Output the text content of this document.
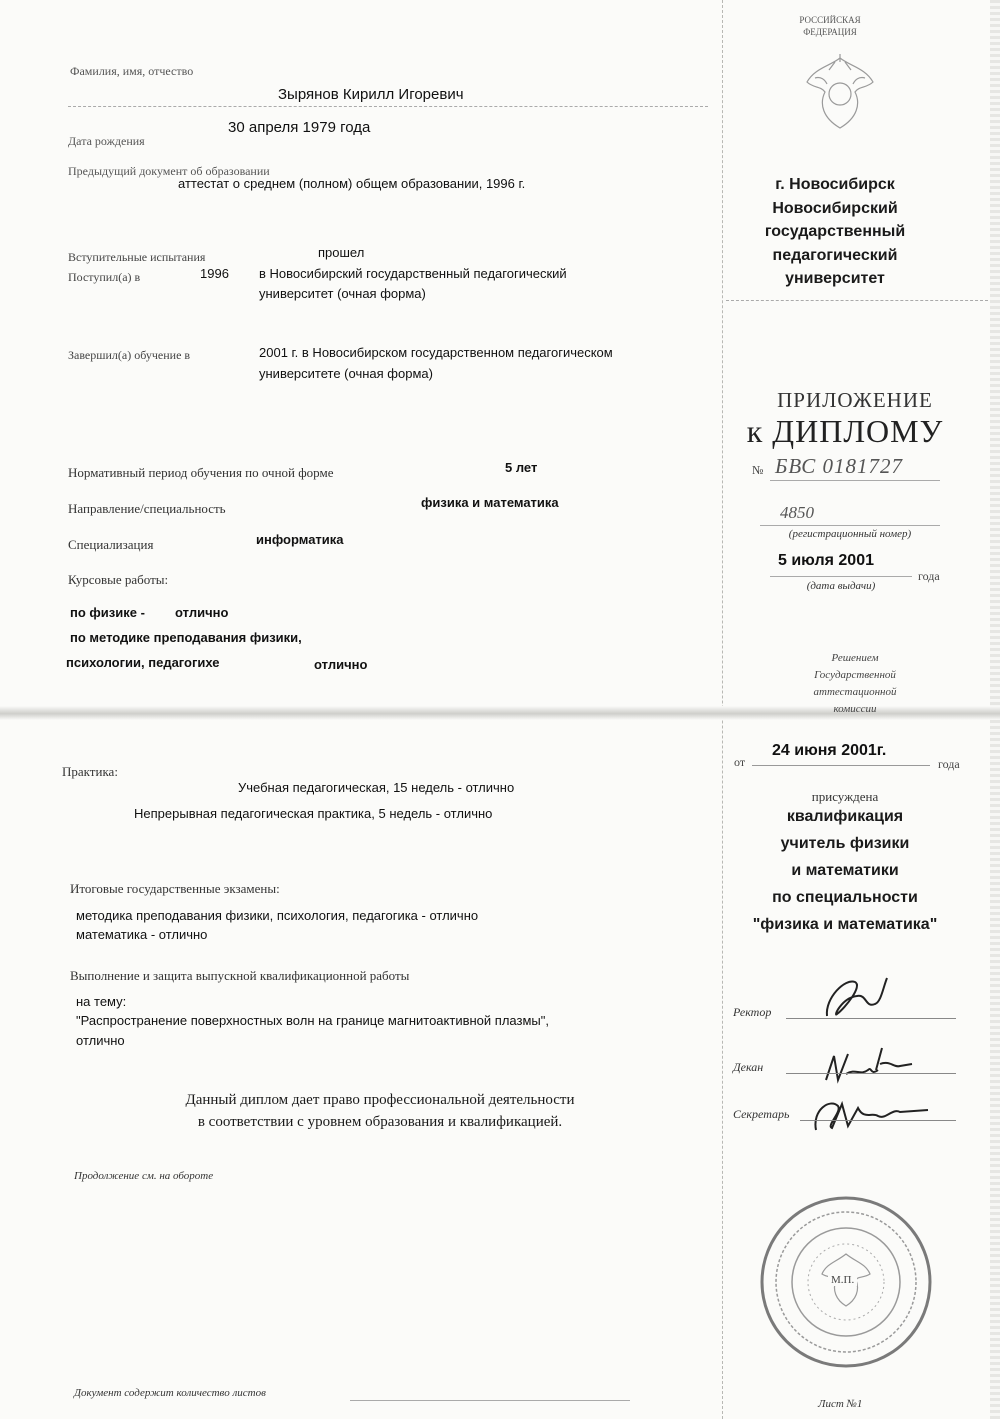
РОССИЙСКАЯ
ФЕДЕРАЦИЯ
Фамилия, имя, отчество
Зырянов Кирилл Игоревич
Дата рождения
30 апреля 1979 года
Предыдущий документ об образовании
аттестат о среднем (полном) общем образовании, 1996 г.
Вступительные испытания	прошел
Поступил(а) в	1996 в Новосибирский государственный педагогический
университет (очная форма)
Завершил(а) обучение в	2001 г. в Новосибирском государственном педагогическом
университете (очная форма)
Нормативный период обучения по очной форме	5 лет
Направление/специальность	физика и математика
Специализация	информатика
Курсовые работы:
по физике - отлично
по методике преподавания физики,
психологии, педагогихе	отлично
г. Новосибирск
Новосибирский
государственный
педагогический
университет
ПРИЛОЖЕНИЕ
к ДИПЛОМУ
№ БВС 0181727
4850
(регистрационный номер)
5 июля 2001
года
(дата выдачи)
Решением
Государственной
аттестационной
комиссии
Практика:
Учебная педагогическая, 15 недель - отлично
Непрерывная педагогическая практика, 5 недель - отлично
Итоговые государственные экзамены:
методика преподавания физики, психология, педагогика - отлично
математика - отлично
Выполнение и защита выпускной квалификационной работы
на тему:
"Распространение поверхностных волн на границе магнитоактивной плазмы",
отлично
Данный диплом дает право профессиональной деятельности
в соответствии с уровнем образования и квалификацией.
Продолжение см. на обороте
от
24 июня 2001г.
года
присуждена
квалификация
учитель физики
и математики
по специальности
"физика и математика"
Ректор
Декан
Секретарь
М.П.
Документ содержит количество листов
Лист №1
